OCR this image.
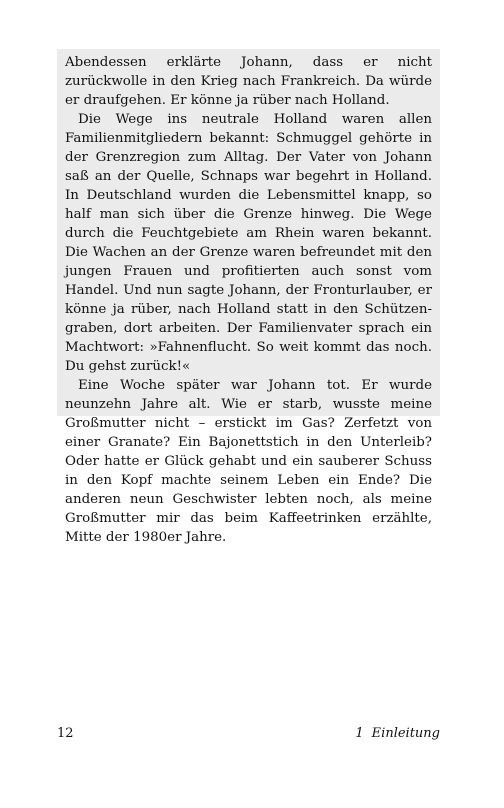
Abendessen erklärte Johann, dass er nicht zurückwolle in den Krieg nach Frankreich. Da würde er draufgehen. Er könne ja rüber nach Holland.

Die Wege ins neutrale Holland waren allen Familienmitgliedern bekannt: Schmuggel gehörte in der Grenzregion zum Alltag. Der Vater von Johann saß an der Quelle, Schnaps war begehrt in Holland. In Deutschland wurden die Lebensmittel knapp, so half man sich über die Grenze hinweg. Die Wege durch die Feuchtgebiete am Rhein waren bekannt. Die Wachen an der Grenze waren befreundet mit den jungen Frauen und profitierten auch sonst vom Handel. Und nun sagte Johann, der Fronturlauber, er könne ja rüber, nach Holland statt in den Schützengraben, dort arbeiten. Der Familienvater sprach ein Machtwort: »Fahnenflucht. So weit kommt das noch. Du gehst zurück!«

Eine Woche später war Johann tot. Er wurde neunzehn Jahre alt. Wie er starb, wusste meine Großmutter nicht – erstickt im Gas? Zerfetzt von einer Granate? Ein Bajonettstich in den Unterleib? Oder hatte er Glück gehabt und ein sauberer Schuss in den Kopf machte seinem Leben ein Ende? Die anderen neun Geschwister lebten noch, als meine Großmutter mir das beim Kaffeetrinken erzählte, Mitte der 1980er Jahre.

12	1 Einleitung
